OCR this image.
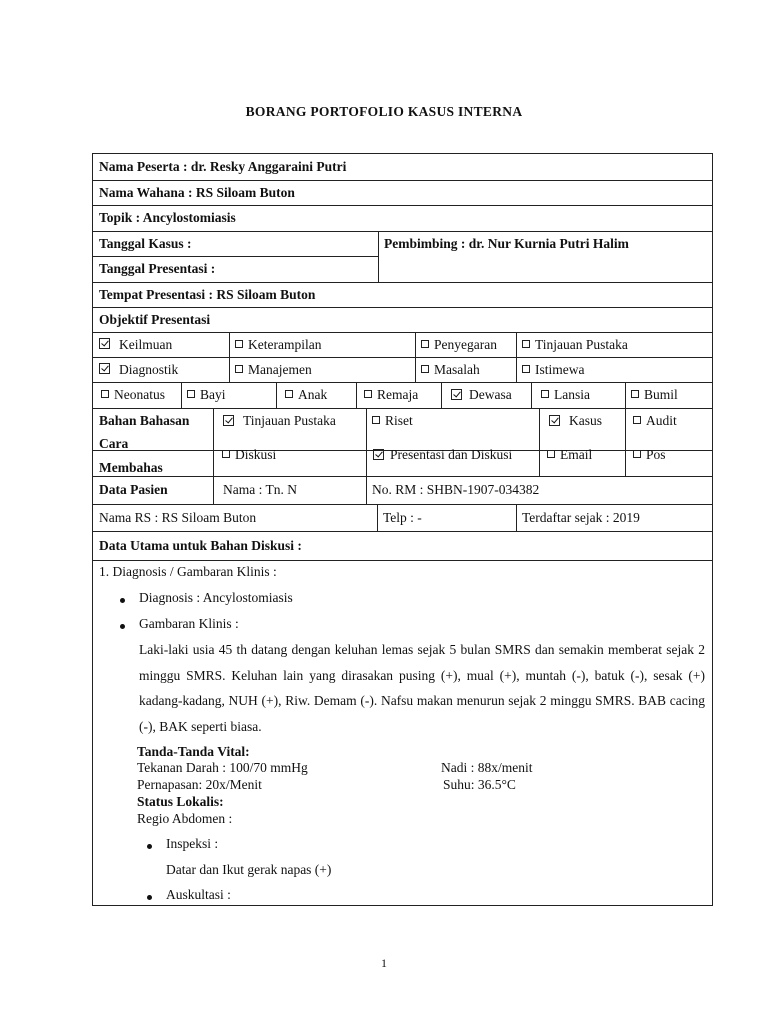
BORANG PORTOFOLIO KASUS INTERNA
Nama Peserta : dr. Resky Anggaraini Putri
Nama Wahana : RS Siloam Buton
Topik : Ancylostomiasis
Tanggal Kasus :
Tanggal Presentasi :
Pembimbing : dr. Nur Kurnia Putri Halim
Tempat Presentasi : RS Siloam Buton
Objektif Presentasi
Keilmuan	Keterampilan	Penyegaran	Tinjauan Pustaka
Diagnostik	Manajemen	Masalah	Istimewa
Neonatus	Bayi	Anak	Remaja	Dewasa	Lansia	Bumil
Bahan Bahasan	Tinjauan Pustaka	Riset	Kasus	Audit
Cara
Membahas
Diskusi	Presentasi dan Diskusi	Email	Pos
Data Pasien	Nama : Tn. N	No. RM : SHBN-1907-034382
Nama RS : RS Siloam Buton	Telp : -	Terdaftar sejak : 2019
Data Utama untuk Bahan Diskusi :
1. Diagnosis / Gambaran Klinis :
Diagnosis : Ancylostomiasis
Gambaran Klinis :
Laki-laki usia 45 th datang dengan keluhan lemas sejak 5 bulan SMRS dan semakin memberat sejak 2 minggu SMRS. Keluhan lain yang dirasakan pusing (+), mual (+), muntah (-), batuk (-), sesak (+) kadang-kadang, NUH (+), Riw. Demam (-). Nafsu makan menurun sejak 2 minggu SMRS. BAB cacing (-), BAK seperti biasa.
Tanda-Tanda Vital:
Tekanan Darah : 100/70 mmHg	Nadi : 88x/menit
Pernapasan: 20x/Menit	Suhu: 36.5°C
Status Lokalis:
Regio Abdomen :
Inspeksi :
Datar dan Ikut gerak napas (+)
Auskultasi :
1
